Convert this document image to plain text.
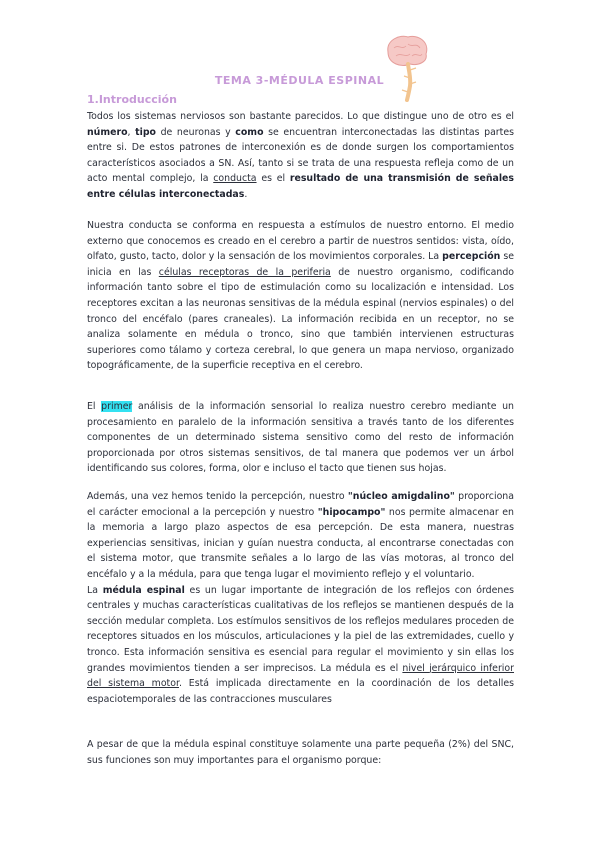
TEMA 3-MÉDULA ESPINAL
1.Introducción

Todos los sistemas nerviosos son bastante parecidos. Lo que distingue uno de otro es el número, tipo de neuronas y como se encuentran interconectadas las distintas partes entre si. De estos patrones de interconexión es de donde surgen los comportamientos característicos asociados a SN. Así, tanto si se trata de una respuesta refleja como de un acto mental complejo, la conducta es el resultado de una transmisión de señales entre células interconectadas.

Nuestra conducta se conforma en respuesta a estímulos de nuestro entorno. El medio externo que conocemos es creado en el cerebro a partir de nuestros sentidos: vista, oído, olfato, gusto, tacto, dolor y la sensación de los movimientos corporales. La percepción se inicia en las células receptoras de la periferia de nuestro organismo, codificando información tanto sobre el tipo de estimulación como su localización e intensidad. Los receptores excitan a las neuronas sensitivas de la médula espinal (nervios espinales) o del tronco del encéfalo (pares craneales). La información recibida en un receptor, no se analiza solamente en médula o tronco, sino que también intervienen estructuras superiores como tálamo y corteza cerebral, lo que genera un mapa nervioso, organizado topográficamente, de la superficie receptiva en el cerebro.

El primer análisis de la información sensorial lo realiza nuestro cerebro mediante un procesamiento en paralelo de la información sensitiva a través tanto de los diferentes componentes de un determinado sistema sensitivo como del resto de información proporcionada por otros sistemas sensitivos, de tal manera que podemos ver un árbol identificando sus colores, forma, olor e incluso el tacto que tienen sus hojas.

Además, una vez hemos tenido la percepción, nuestro "núcleo amigdalino" proporciona el carácter emocional a la percepción y nuestro "hipocampo" nos permite almacenar en la memoria a largo plazo aspectos de esa percepción. De esta manera, nuestras experiencias sensitivas, inician y guían nuestra conducta, al encontrarse conectadas con el sistema motor, que transmite señales a lo largo de las vías motoras, al tronco del encéfalo y a la médula, para que tenga lugar el movimiento reflejo y el voluntario.
La médula espinal es un lugar importante de integración de los reflejos con órdenes centrales y muchas características cualitativas de los reflejos se mantienen después de la sección medular completa. Los estímulos sensitivos de los reflejos medulares proceden de receptores situados en los músculos, articulaciones y la piel de las extremidades, cuello y tronco. Esta información sensitiva es esencial para regular el movimiento y sin ellas los grandes movimientos tienden a ser imprecisos. La médula es el nivel jerárquico inferior del sistema motor. Está implicada directamente en la coordinación de los detalles espaciotemporales de las contracciones musculares

A pesar de que la médula espinal constituye solamente una parte pequeña (2%) del SNC, sus funciones son muy importantes para el organismo porque:
